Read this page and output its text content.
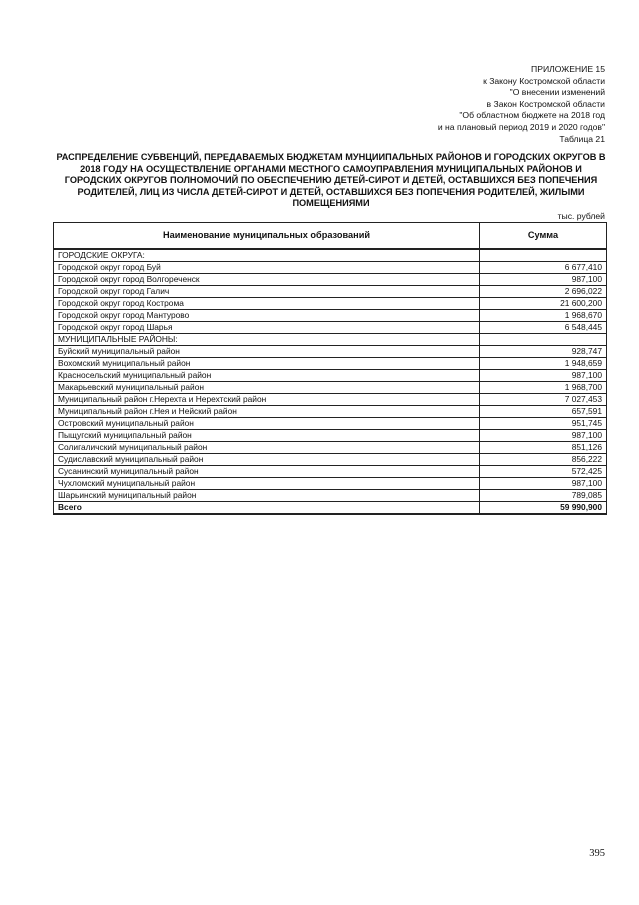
ПРИЛОЖЕНИЕ 15
к Закону Костромской области
"О внесении изменений
в Закон Костромской области
"Об областном бюджете на 2018 год
и на плановый период 2019 и 2020 годов"
Таблица 21
РАСПРЕДЕЛЕНИЕ СУБВЕНЦИЙ, ПЕРЕДАВАЕМЫХ БЮДЖЕТАМ МУНЦИИПАЛЬНЫХ РАЙОНОВ И ГОРОДСКИХ ОКРУГОВ В 2018 ГОДУ НА ОСУЩЕСТВЛЕНИЕ ОРГАНАМИ МЕСТНОГО САМОУПРАВЛЕНИЯ МУНИЦИПАЛЬНЫХ РАЙОНОВ И ГОРОДСКИХ ОКРУГОВ ПОЛНОМОЧИЙ ПО ОБЕСПЕЧЕНИЮ ДЕТЕЙ-СИРОТ И ДЕТЕЙ, ОСТАВШИХСЯ БЕЗ ПОПЕЧЕНИЯ РОДИТЕЛЕЙ, ЛИЦ ИЗ ЧИСЛА ДЕТЕЙ-СИРОТ И ДЕТЕЙ, ОСТАВШИХСЯ БЕЗ ПОПЕЧЕНИЯ РОДИТЕЛЕЙ, ЖИЛЫМИ ПОМЕЩЕНИЯМИ
тыс. рублей
Наименование муниципальных образований	Сумма
ГОРОДСКИЕ ОКРУГА:	
Городской округ город Буй	6 677,410
Городской округ город Волгореченск	987,100
Городской округ город Галич	2 696,022
Городской округ город Кострома	21 600,200
Городской округ город Мантурово	1 968,670
Городской округ город Шарья	6 548,445
МУНИЦИПАЛЬНЫЕ РАЙОНЫ:	
Буйский муниципальный район	928,747
Вохомский муниципальный район	1 948,659
Красносельский муниципальный район	987,100
Макарьевский муниципальный район	1 968,700
Муниципальный район г.Нерехта и Нерехтский район	7 027,453
Муниципальный район г.Нея и Нейский район	657,591
Островский муниципальный район	951,745
Пыщугский муниципальный район	987,100
Солигаличский муниципальный район	851,126
Судиславский муниципальный район	856,222
Сусанинский муниципальный район	572,425
Чухломский муниципальный район	987,100
Шарьинский муниципальный район	789,085
Всего	59 990,900
395
